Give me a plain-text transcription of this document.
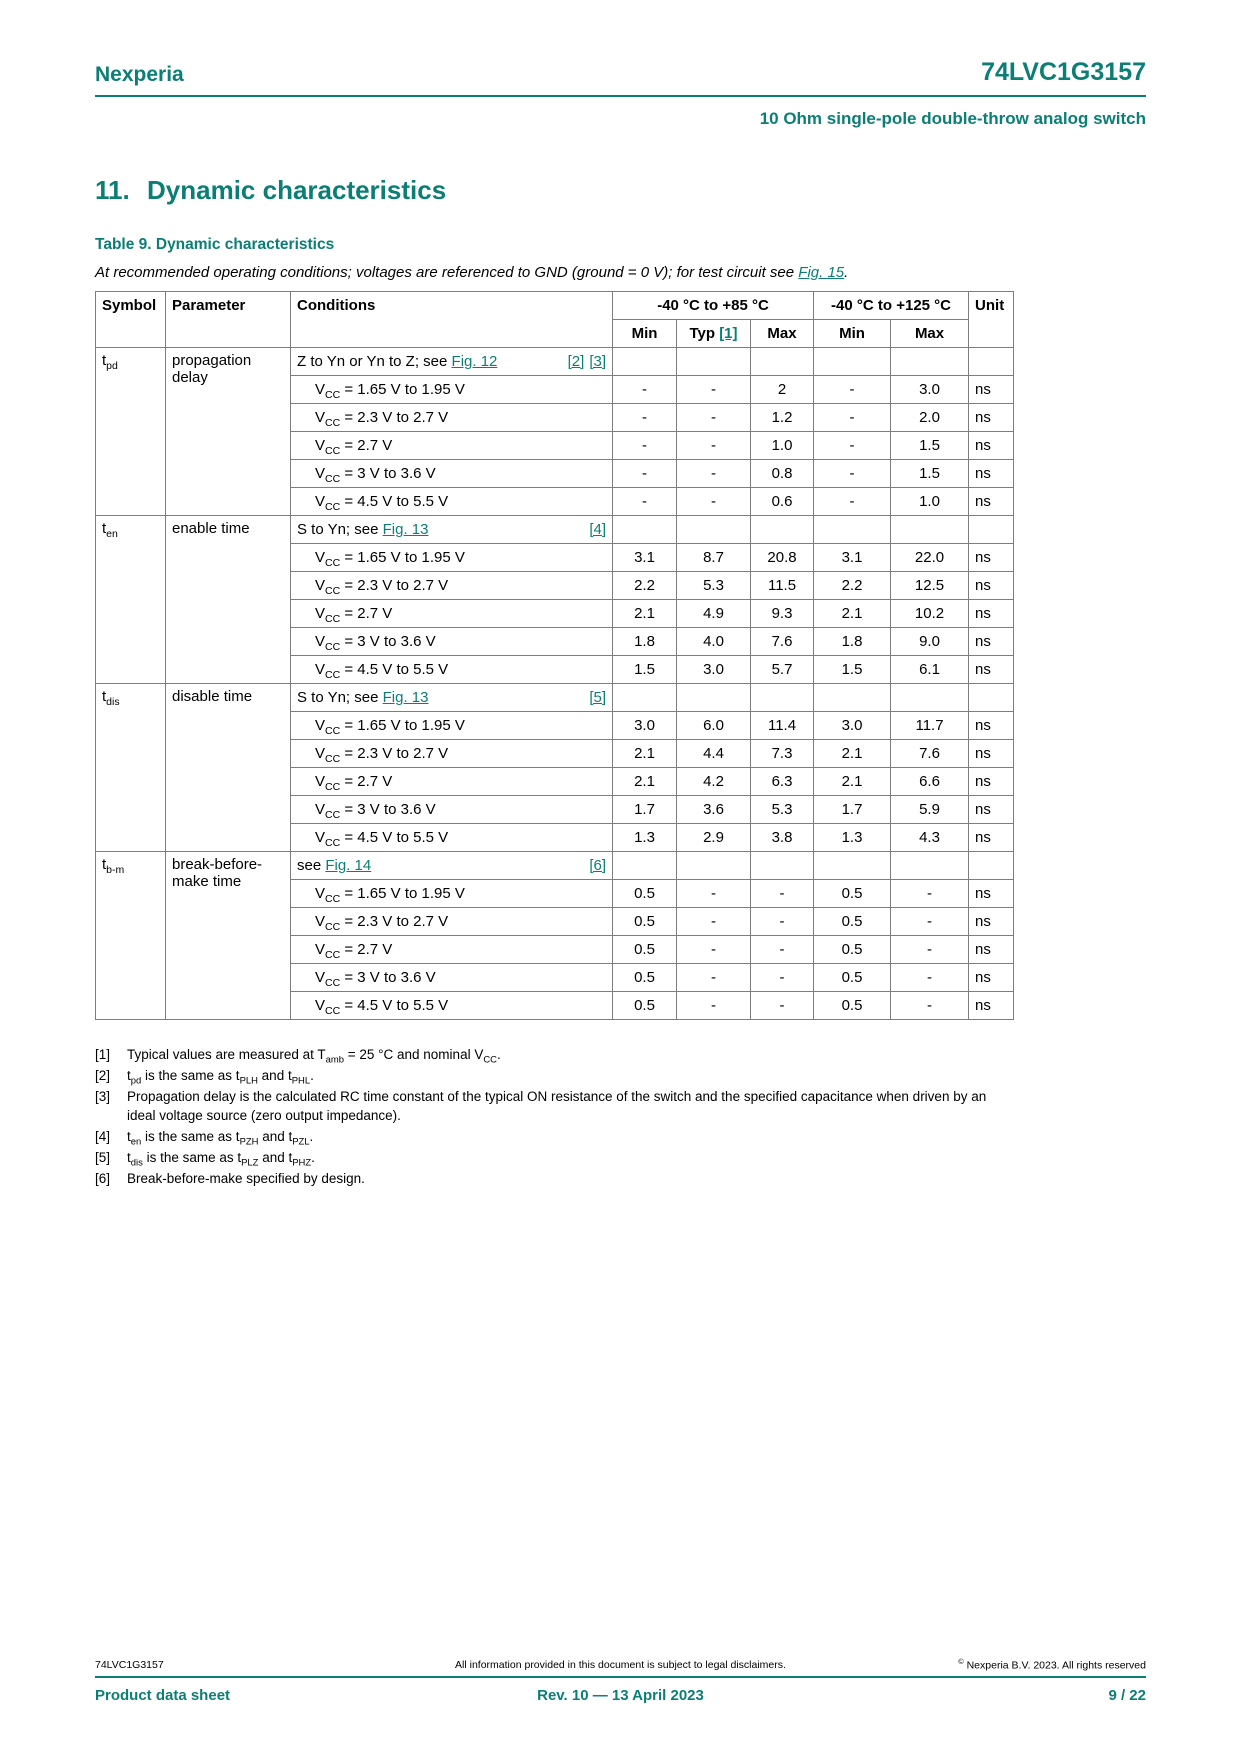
Nexperia	74LVC1G3157
10 Ohm single-pole double-throw analog switch
11. Dynamic characteristics
Table 9. Dynamic characteristics
At recommended operating conditions; voltages are referenced to GND (ground = 0 V); for test circuit see Fig. 15.
Symbol	Parameter	Conditions	-40 °C to +85 °C			-40 °C to +125 °C		Unit
			Min	Typ [1]	Max	Min	Max	
$t_{pd}$	propagation delay	Z to Yn or Yn to Z; see Fig. 12 [2] [3]						

		$V_{CC} = 1.65$ V to 1.95 V	-	-	2	-	3.0	ns
		$V_{CC} = 2.3$ V to 2.7 V	-	-	1.2	-	2.0	ns
		$V_{CC} = 2.7$ V	-	-	1.0	-	1.5	ns
		$V_{CC} = 3$ V to 3.6 V	-	-	0.8	-	1.5	ns
		$V_{CC} = 4.5$ V to 5.5 V	-	-	0.6	-	1.0	ns
$t_{en}$	enable time	S to Yn; see Fig. 13 [4]						

		$V_{CC} = 1.65$ V to 1.95 V	3.1	8.7	20.8	3.1	22.0	ns
		$V_{CC} = 2.3$ V to 2.7 V	2.2	5.3	11.5	2.2	12.5	ns
		$V_{CC} = 2.7$ V	2.1	4.9	9.3	2.1	10.2	ns
		$V_{CC} = 3$ V to 3.6 V	1.8	4.0	7.6	1.8	9.0	ns
		$V_{CC} = 4.5$ V to 5.5 V	1.5	3.0	5.7	1.5	6.1	ns
$t_{dis}$	disable time	S to Yn; see Fig. 13 [5]						

		$V_{CC} = 1.65$ V to 1.95 V	3.0	6.0	11.4	3.0	11.7	ns
		$V_{CC} = 2.3$ V to 2.7 V	2.1	4.4	7.3	2.1	7.6	ns
		$V_{CC} = 2.7$ V	2.1	4.2	6.3	2.1	6.6	ns
		$V_{CC} = 3$ V to 3.6 V	1.7	3.6	5.3	1.7	5.9	ns
		$V_{CC} = 4.5$ V to 5.5 V	1.3	2.9	3.8	1.3	4.3	ns
$t_{b-m}$	break-before-make time	see Fig. 14 [6]						

		$V_{CC} = 1.65$ V to 1.95 V	0.5	-	-	0.5	-	ns
		$V_{CC} = 2.3$ V to 2.7 V	0.5	-	-	0.5	-	ns
		$V_{CC} = 2.7$ V	0.5	-	-	0.5	-	ns
		$V_{CC} = 3$ V to 3.6 V	0.5	-	-	0.5	-	ns
		$V_{CC} = 4.5$ V to 5.5 V	0.5	-	-	0.5	-	ns
[1]	Typical values are measured at $T_{amb} = 25$ °C and nominal $V_{CC}$.
[2]	$t_{pd}$ is the same as $t_{PLH}$ and $t_{PHL}$.
[3]	Propagation delay is the calculated RC time constant of the typical ON resistance of the switch and the specified capacitance when driven by an ideal voltage source (zero output impedance).
[4]	$t_{en}$ is the same as $t_{PZH}$ and $t_{PZL}$.
[5]	$t_{dis}$ is the same as $t_{PLZ}$ and $t_{PHZ}$.
[6]	Break-before-make specified by design.
74LVC1G3157	All information provided in this document is subject to legal disclaimers.	© Nexperia B.V. 2023. All rights reserved
Product data sheet	Rev. 10 — 13 April 2023	9 / 22
